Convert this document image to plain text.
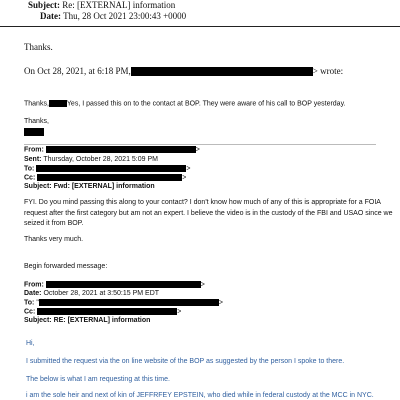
Subject: Re: [EXTERNAL] information
Date: Thu, 28 Oct 2021 23:00:43 +0000
Thanks.
On Oct 28, 2021, at 6:18 PM,	> wrote:
Thanks,	Yes, I passed this on to the contact at BOP. They were aware of his call to BOP yesterday.
Thanks,
From:	>
Sent: Thursday, October 28, 2021 5:09 PM
To:	>
Cc:	>
Subject: Fwd: [EXTERNAL] information
FYI. Do you mind passing this along to your contact? I don't know how much of any of this is appropriate for a FOIA
request after the first category but am not an expert. I believe the video is in the custody of the FBI and USAO since we
seized it from BOP.
Thanks very much.
Begin forwarded message:
From:	>
Date: October 28, 2021 at 3:50:15 PM EDT
To: "	>
Cc:	>
Subject: RE: [EXTERNAL] information
Hi,
I submitted the request via the on line website of the BOP as suggested by the person I spoke to there.
The below is what I am requesting at this time.
i am the sole heir and next of kin of JEFFRFEY EPSTEIN, who died while in federal custody at the MCC in NYC.
